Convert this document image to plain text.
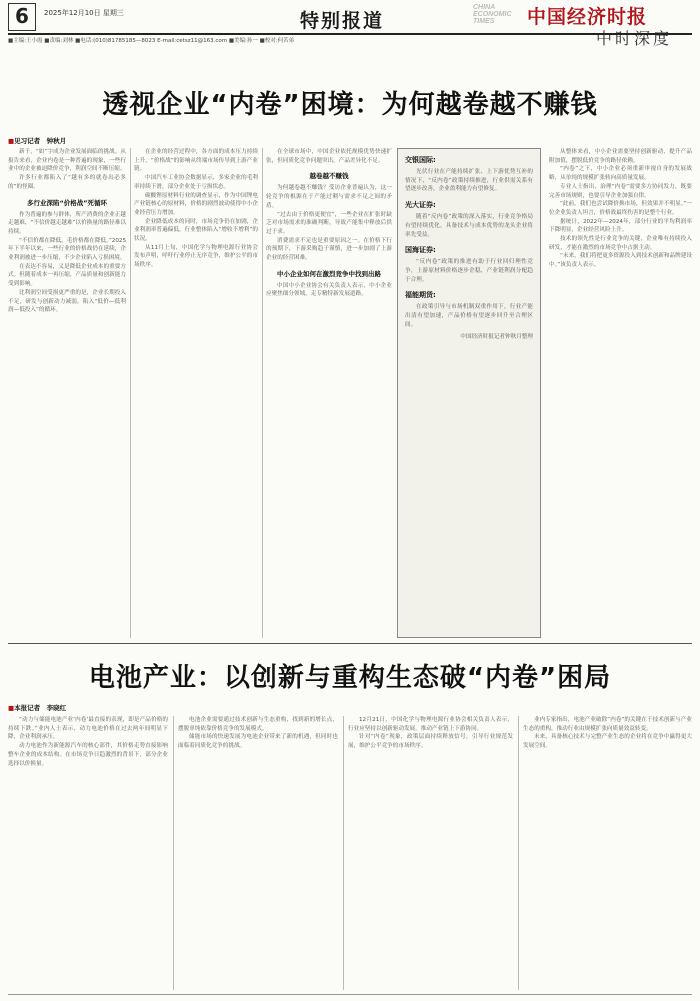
6	2025年12月10日 星期三	特别报道
CHINA ECONOMIC TIMES	中国经济时报
中时深度
■主编:王小霞 ■责编:刘林 ■电话:(010)81785185—8023 E-mail:cetsz11@163.com ■美编:孙一 ■校对:何苦弟
透视企业“内卷”困境：为何越卷越不赚钱
■见习记者　钟秋月

新千，“如”字成为企业发展面临的挑战。从报告来看，企业内卷是一种普遍的现象，一些行业中的企业被迫降价竞争，利润空间不断压缩。

许多行业都陷入了“越有多的就卷出必多的”的怪圈。

多行业深陷“价格战”死循环

作为普遍的参与群体，所产消费的企业正越走越难，“不信价越走越难”以价换量的路径难以持续。

“不信价都在降低，毛价格都在降低。”2025年下半年以来，一些行业的价格战仍在延续，企业利润被进一步压缩，不少企业陷入亏损困境。

在表达不容易，义是降低企业成本的重要方式。但随着成本一再压缩，产品质量和创新能力受到影响。

比利润空间受损更严重的是，企业长期投入不足，研发与创新动力减弱，陷入“低价—低利润—低投入”的循环。

在企业的经营过程中，各方面的成本压力持续上升，“价格战”的影响从终端市场传导到上游产业链。

中国汽车工业协会数据显示，多家企业的毛利率持续下滑，部分企业处于亏损状态。

碳酸锂原材料行业的调查显示，作为中国锂电产业链核心的原材料，价格的剧烈波动使得中小企业经营压力增加。

企业降低成本的同时，市场竞争仍在加剧，企业利润率普遍偏低，行业整体陷入“增收不增利”的状况。

从11月上旬，中国化学与物理电源行业协会发布声明，呼吁行业停止无序竞争，维护公平的市场秩序。

在全球市场中，中国企业依托规模优势快速扩张，但同质化竞争问题突出，产品差异化不足。

越卷越不赚钱

为何越卷越不赚钱？受访企业普遍认为，这一轮竞争的根源在于产能过剩与需求不足之间的矛盾。

“过去由于价格更便宜”，一些企业在扩张时缺乏对市场需求的准确判断，导致产能集中释放后供过于求。

消费需求不足也是重要原因之一。在价格下行的预期下，下游采购趋于谨慎，进一步加剧了上游企业的经营困难。

中小企业如何在激烈竞争中找到出路

中国中小企业协会有关负责人表示，中小企业应聚焦细分领域，走专精特新发展道路。

交银国际:

光伏行业在产能持续扩张、上下游优势互补的情况下，“反内卷”政策持续推进，行业供需关系有望逐步改善，企业盈利能力有望修复。

光大证券:

随着“反内卷”政策的深入落实，行业竞争格局有望持续优化，具备技术与成本优势的龙头企业将率先受益。

国海证券:

“反内卷”政策的推进有助于行业回归理性竞争，上游原材料价格逐步企稳，产业链利润分配趋于合理。

福能期货:

在政策引导与市场机制双重作用下，行业产能出清有望加速，产品价格有望逐步回升至合理区间。

中国经济时报记者钟秋月整理

从整体来看，中小企业需要坚持创新驱动，提升产品附加值，摆脱低价竞争的路径依赖。

“内卷”之下，中小企业必须重新审视自身的发展战略，从单纯的规模扩张转向高质量发展。

专业人士指出，治理“内卷”需要多方协同发力，既要完善市场规则，也要引导企业加强自律。

“此前，我们也尝试降价换市场，但效果并不明显。”一位企业负责人坦言，价格战最终伤害的是整个行业。

据统计，2022年—2024年，部分行业的平均利润率下降明显，企业经营风险上升。

技术的领先性是行业竞争的关键，企业唯有持续投入研发，才能在激烈的市场竞争中占据主动。

“未来，我们将把更多资源投入到技术创新和品牌建设中。”该负责人表示。

电池产业：以创新与重构生态破“内卷”困局
■本报记者　李晓红

“动力与储能电池产业‘内卷’最直接的表现，即是产品价格的持续下跌。”业内人士表示，动力电池价格在过去两年间明显下降，企业利润承压。

动力电池作为新能源汽车的核心部件，其价格走势直接影响整车企业的成本结构。在市场竞争日趋激烈的背景下，部分企业选择以价换量。

电池企业需要通过技术创新与生态重构，找到新的增长点，摆脱单纯依靠价格竞争的发展模式。

储能市场的快速发展为电池企业带来了新的机遇，但同时也面临着同质化竞争的挑战。

12月21日，中国化学与物理电源行业协会相关负责人表示，行业应坚持以创新驱动发展，推动产业链上下游协同。

针对“内卷”现象，政策层面持续释放信号，引导行业规范发展，维护公平竞争的市场秩序。

业内专家指出，电池产业破除“内卷”的关键在于技术创新与产业生态的重构，推动行业由规模扩张向质量效益转变。

未来，具备核心技术与完整产业生态的企业将在竞争中赢得更大发展空间。
